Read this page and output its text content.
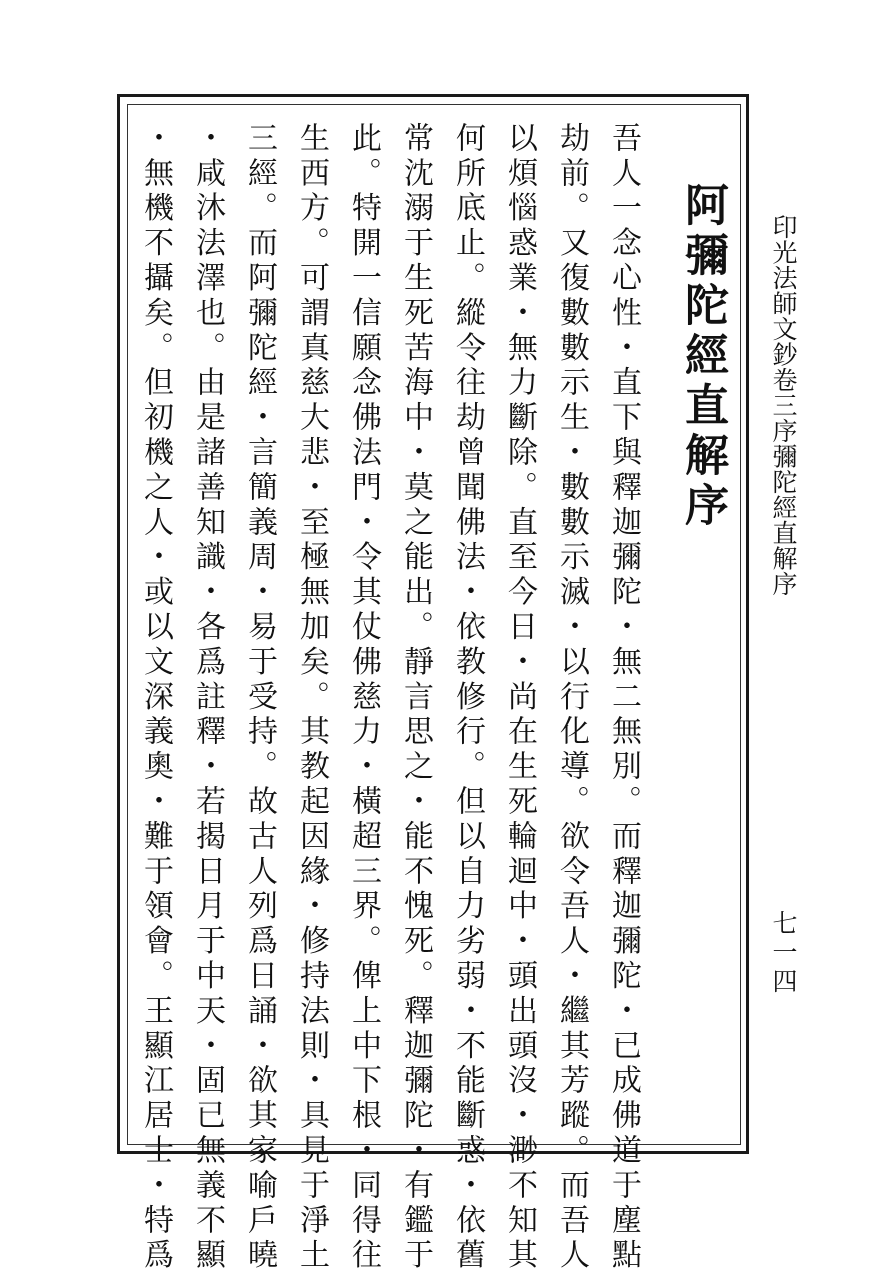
印光法師文鈔卷三序彌陀經直解序
七一四
阿彌陀經直解序

吾人一念心性・直下與釋迦彌陀・無二無別。而釋迦彌陀・已成佛道于塵點

劫前。又復數數示生・數數示滅・以行化導。欲令吾人・繼其芳蹤。而吾人

以煩惱惑業・無力斷除。直至今日・尚在生死輪迴中・頭出頭沒・渺不知其

何所底止。縱令往劫曾聞佛法・依教修行。但以自力劣弱・不能斷惑・依舊

常沈溺于生死苦海中・莫之能出。靜言思之・能不愧死。釋迦彌陀・有鑑于

此。特開一信願念佛法門・令其仗佛慈力・橫超三界。俾上中下根・同得往

生西方。可謂真慈大悲・至極無加矣。其教起因緣・修持法則・具見于淨土

三經。而阿彌陀經・言簡義周・易于受持。故古人列爲日誦・欲其家喻戶曉

・咸沐法澤也。由是諸善知識・各爲註釋・若揭日月于中天・固已無義不顯

・無機不攝矣。但初機之人・或以文深義奧・難于領會。王顯江居士・特爲
